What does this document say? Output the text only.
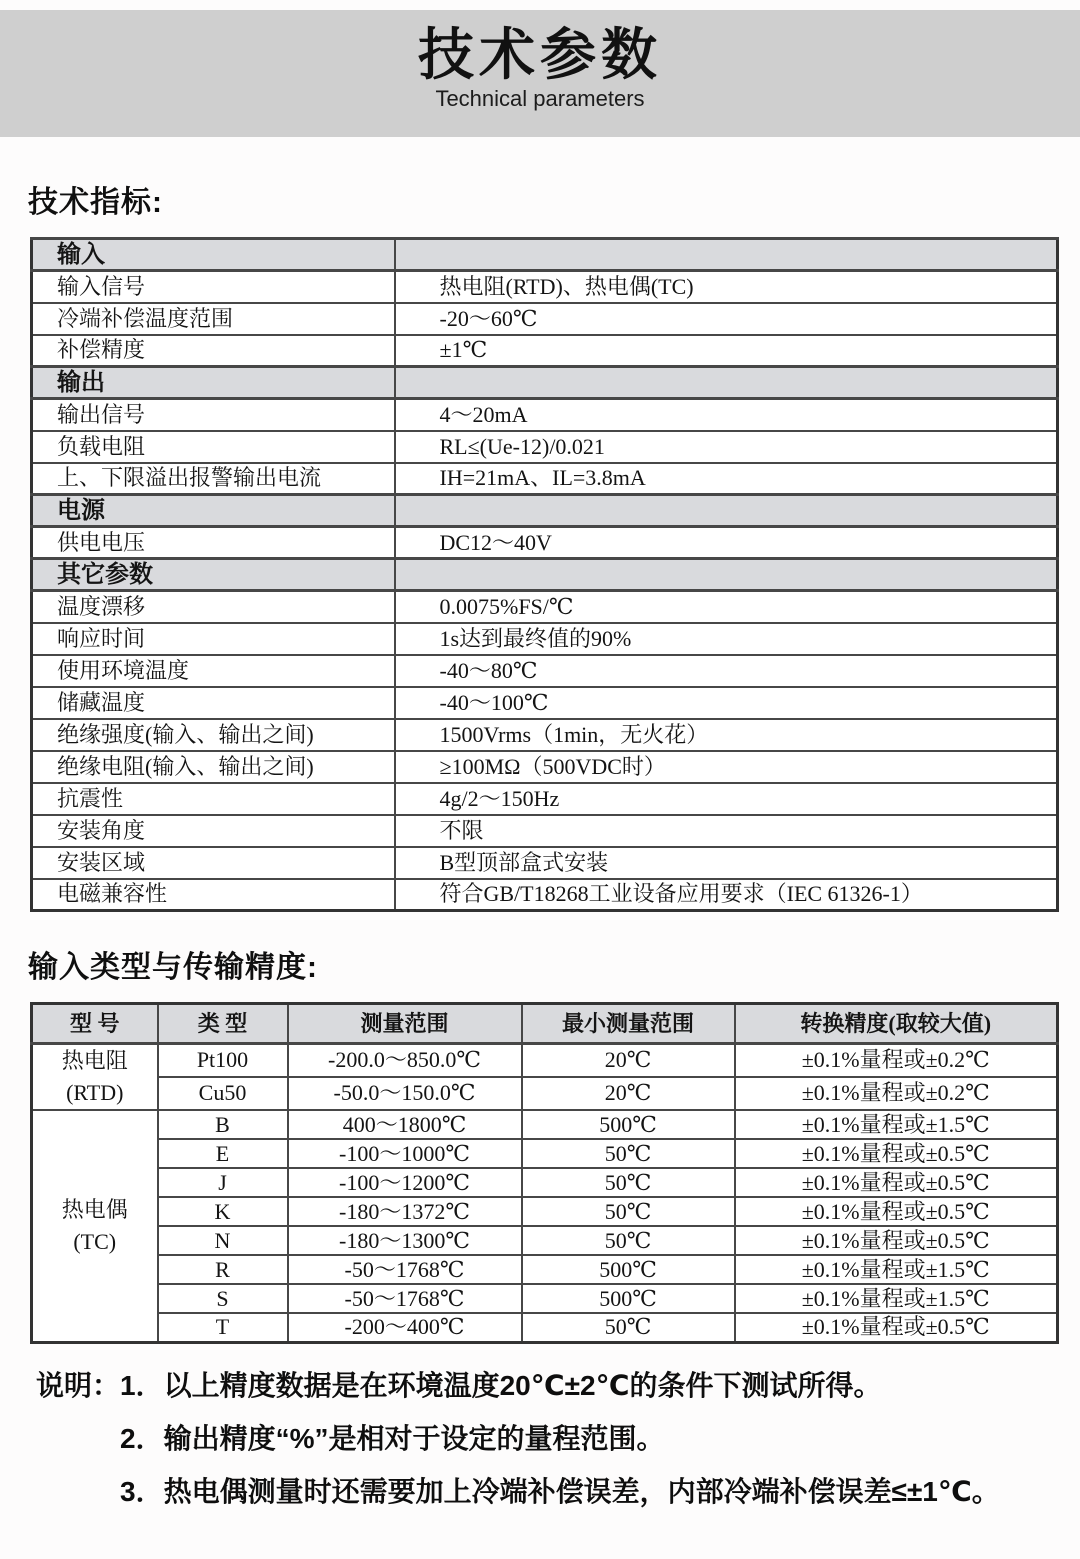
技术参数
Technical parameters
技术指标:
输入	
输入信号	热电阻(RTD)、热电偶(TC)
冷端补偿温度范围	-20～60℃
补偿精度	±1℃
输出	
输出信号	4～20mA
负载电阻	RL≤(Ue-12)/0.021
上、下限溢出报警输出电流	IH=21mA、IL=3.8mA
电源	
供电电压	DC12～40V
其它参数	
温度漂移	0.0075%FS/℃
响应时间	1s达到最终值的90%
使用环境温度	-40～80℃
储藏温度	-40～100℃
绝缘强度(输入、输出之间)	1500Vrms（1min，无火花）
绝缘电阻(输入、输出之间)	≥100MΩ（500VDC时）
抗震性	4g/2～150Hz
安装角度	不限
安装区域	B型顶部盒式安装
电磁兼容性	符合GB/T18268工业设备应用要求（IEC 61326-1）
输入类型与传输精度:
型 号	类 型	测量范围	最小测量范围	转换精度(取较大值)
热电阻
(RTD)	Pt100	-200.0～850.0℃	20℃	±0.1%量程或±0.2℃
	Cu50	-50.0～150.0℃	20℃	±0.1%量程或±0.2℃
热电偶
(TC)	B	400～1800℃	500℃	±0.1%量程或±1.5℃
	E	-100～1000℃	50℃	±0.1%量程或±0.5℃
	J	-100～1200℃	50℃	±0.1%量程或±0.5℃
	K	-180～1372℃	50℃	±0.1%量程或±0.5℃
	N	-180～1300℃	50℃	±0.1%量程或±0.5℃
	R	-50～1768℃	500℃	±0.1%量程或±1.5℃
	S	-50～1768℃	500℃	±0.1%量程或±1.5℃
	T	-200～400℃	50℃	±0.1%量程或±0.5℃
说明：1．以上精度数据是在环境温度20℃±2℃的条件下测试所得。
2．输出精度“%”是相对于设定的量程范围。
3．热电偶测量时还需要加上冷端补偿误差，内部冷端补偿误差≤±1℃。
